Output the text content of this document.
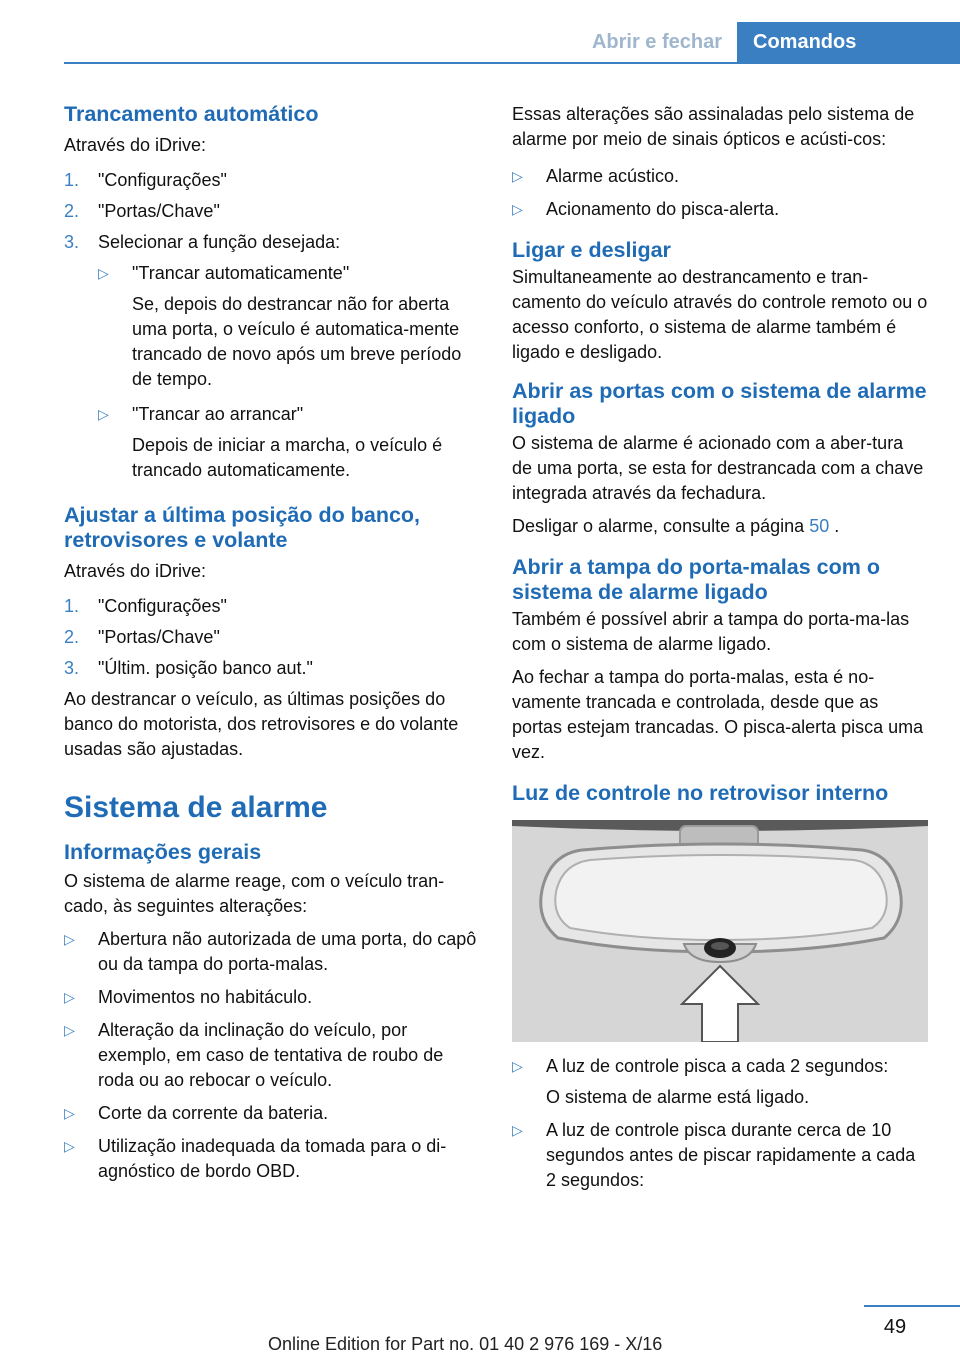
Abrir e fechar	Comandos
Trancamento automático

Através do iDrive:

1.	"Configurações"
2.	"Portas/Chave"
3.	Selecionar a função desejada:
▷	"Trancar automaticamente"

Se, depois do destrancar não for aberta uma porta, o veículo é automatica‐mente trancado de novo após um breve período de tempo.

▷	"Trancar ao arrancar"

Depois de iniciar a marcha, o veículo é trancado automaticamente.

Ajustar a última posição do banco, retrovisores e volante

Através do iDrive:

1.	"Configurações"
2.	"Portas/Chave"
3.	"Últim. posição banco aut."

Ao destrancar o veículo, as últimas posições do banco do motorista, dos retrovisores e do volante usadas são ajustadas.

Sistema de alarme
Informações gerais

O sistema de alarme reage, com o veículo tran‐cado, às seguintes alterações:

▷	Abertura não autorizada de uma porta, do capô ou da tampa do porta-malas.
▷	Movimentos no habitáculo.
▷	Alteração da inclinação do veículo, por exemplo, em caso de tentativa de roubo de roda ou ao rebocar o veículo.
▷	Corte da corrente da bateria.
▷	Utilização inadequada da tomada para o di‐agnóstico de bordo OBD.

Essas alterações são assinaladas pelo sistema de alarme por meio de sinais ópticos e acústi‐cos:

▷	Alarme acústico.
▷	Acionamento do pisca-alerta.
Ligar e desligar

Simultaneamente ao destrancamento e tran‐camento do veículo através do controle remoto ou o acesso conforto, o sistema de alarme também é ligado e desligado.

Abrir as portas com o sistema de alarme ligado

O sistema de alarme é acionado com a aber‐tura de uma porta, se esta for destrancada com a chave integrada através da fechadura.

Desligar o alarme, consulte a página 50 .

Abrir a tampa do porta-malas com o sistema de alarme ligado

Também é possível abrir a tampa do porta-ma‐las com o sistema de alarme ligado.

Ao fechar a tampa do porta-malas, esta é no‐vamente trancada e controlada, desde que as portas estejam trancadas. O pisca-alerta pisca uma vez.

Luz de controle no retrovisor interno
▷	A luz de controle pisca a cada 2 segundos:

O sistema de alarme está ligado.

▷	A luz de controle pisca durante cerca de 10 segundos antes de piscar rapidamente a cada 2 segundos:
49
Online Edition for Part no. 01 40 2 976 169 - X/16
